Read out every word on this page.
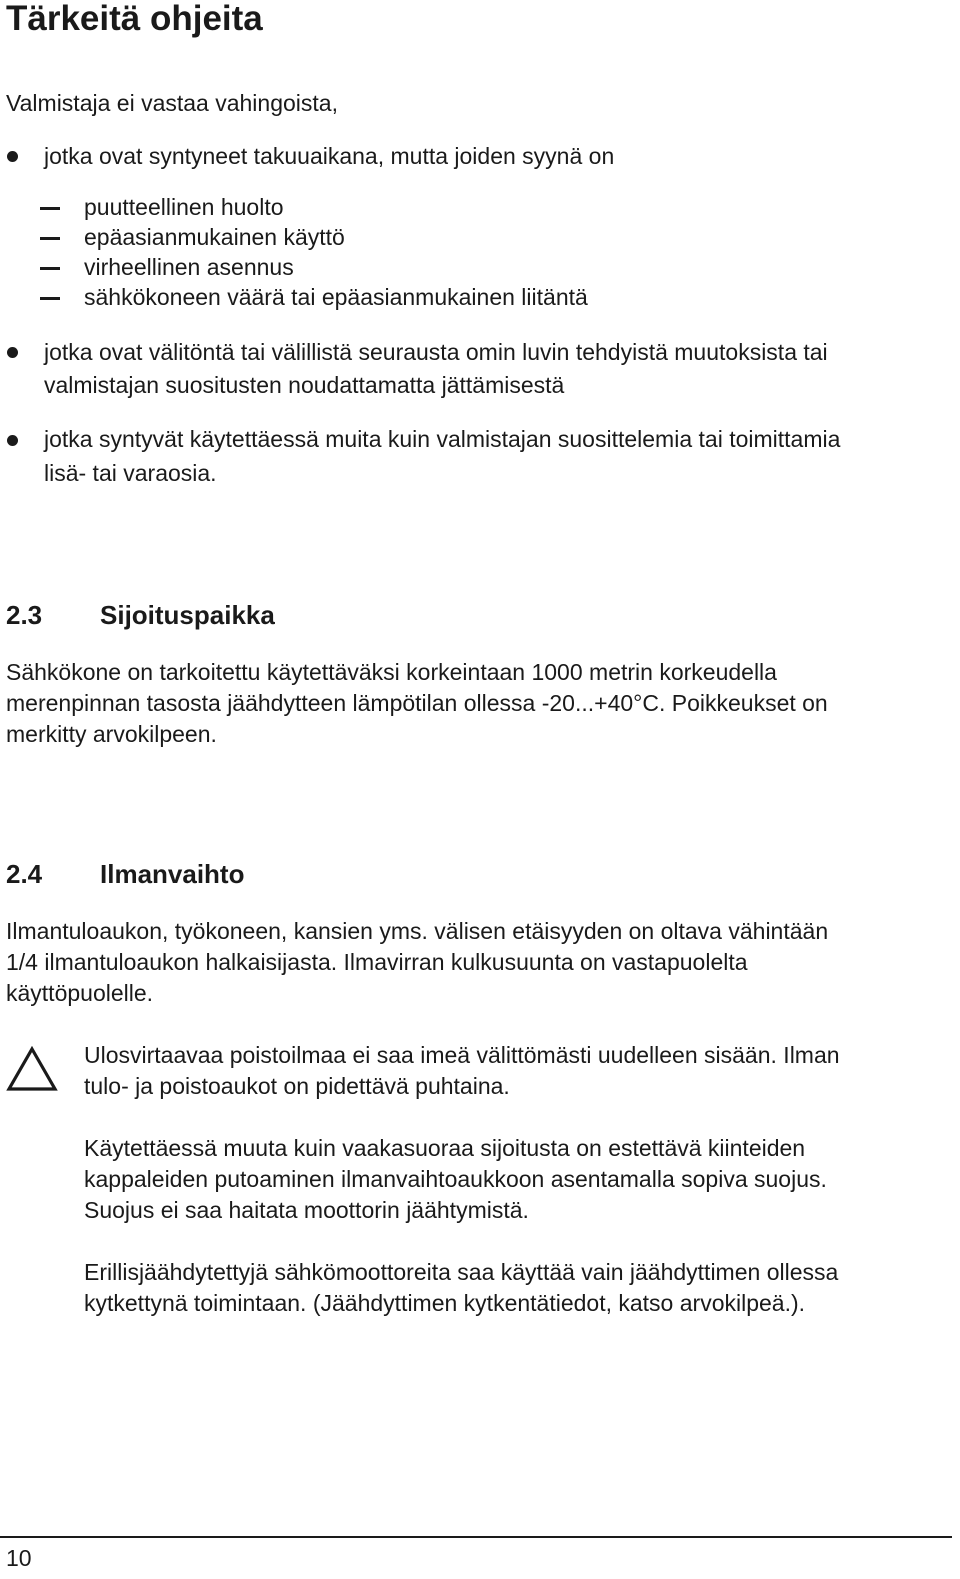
Tärkeitä ohjeita

Valmistaja ei vastaa vahingoista,

jotka ovat syntyneet takuuaikana, mutta joiden syynä on

puutteellinen huolto

epäasianmukainen käyttö

virheellinen asennus

sähkökoneen väärä tai epäasianmukainen liitäntä

jotka ovat välitöntä tai välillistä seurausta omin luvin tehdyistä muutoksista tai

valmistajan suositusten noudattamatta jättämisestä

jotka syntyvät käytettäessä muita kuin valmistajan suosittelemia tai toimittamia

lisä- tai varaosia.

2.3 Sijoituspaikka

Sähkökone on tarkoitettu käytettäväksi korkeintaan 1000 metrin korkeudella

merenpinnan tasosta jäähdytteen lämpötilan ollessa -20...+40°C. Poikkeukset on

merkitty arvokilpeen.

2.4 Ilmanvaihto

Ilmantuloaukon, työkoneen, kansien yms. välisen etäisyyden on oltava vähintään

1/4 ilmantuloaukon halkaisijasta. Ilmavirran kulkusuunta on vastapuolelta

käyttöpuolelle.

Ulosvirtaavaa poistoilmaa ei saa imeä välittömästi uudelleen sisään. Ilman

tulo- ja poistoaukot on pidettävä puhtaina.

Käytettäessä muuta kuin vaakasuoraa sijoitusta on estettävä kiinteiden

kappaleiden putoaminen ilmanvaihtoaukkoon asentamalla sopiva suojus.

Suojus ei saa haitata moottorin jäähtymistä.

Erillisjäähdytettyjä sähkömoottoreita saa käyttää vain jäähdyttimen ollessa

kytkettynä toimintaan. (Jäähdyttimen kytkentätiedot, katso arvokilpeä.).

10
